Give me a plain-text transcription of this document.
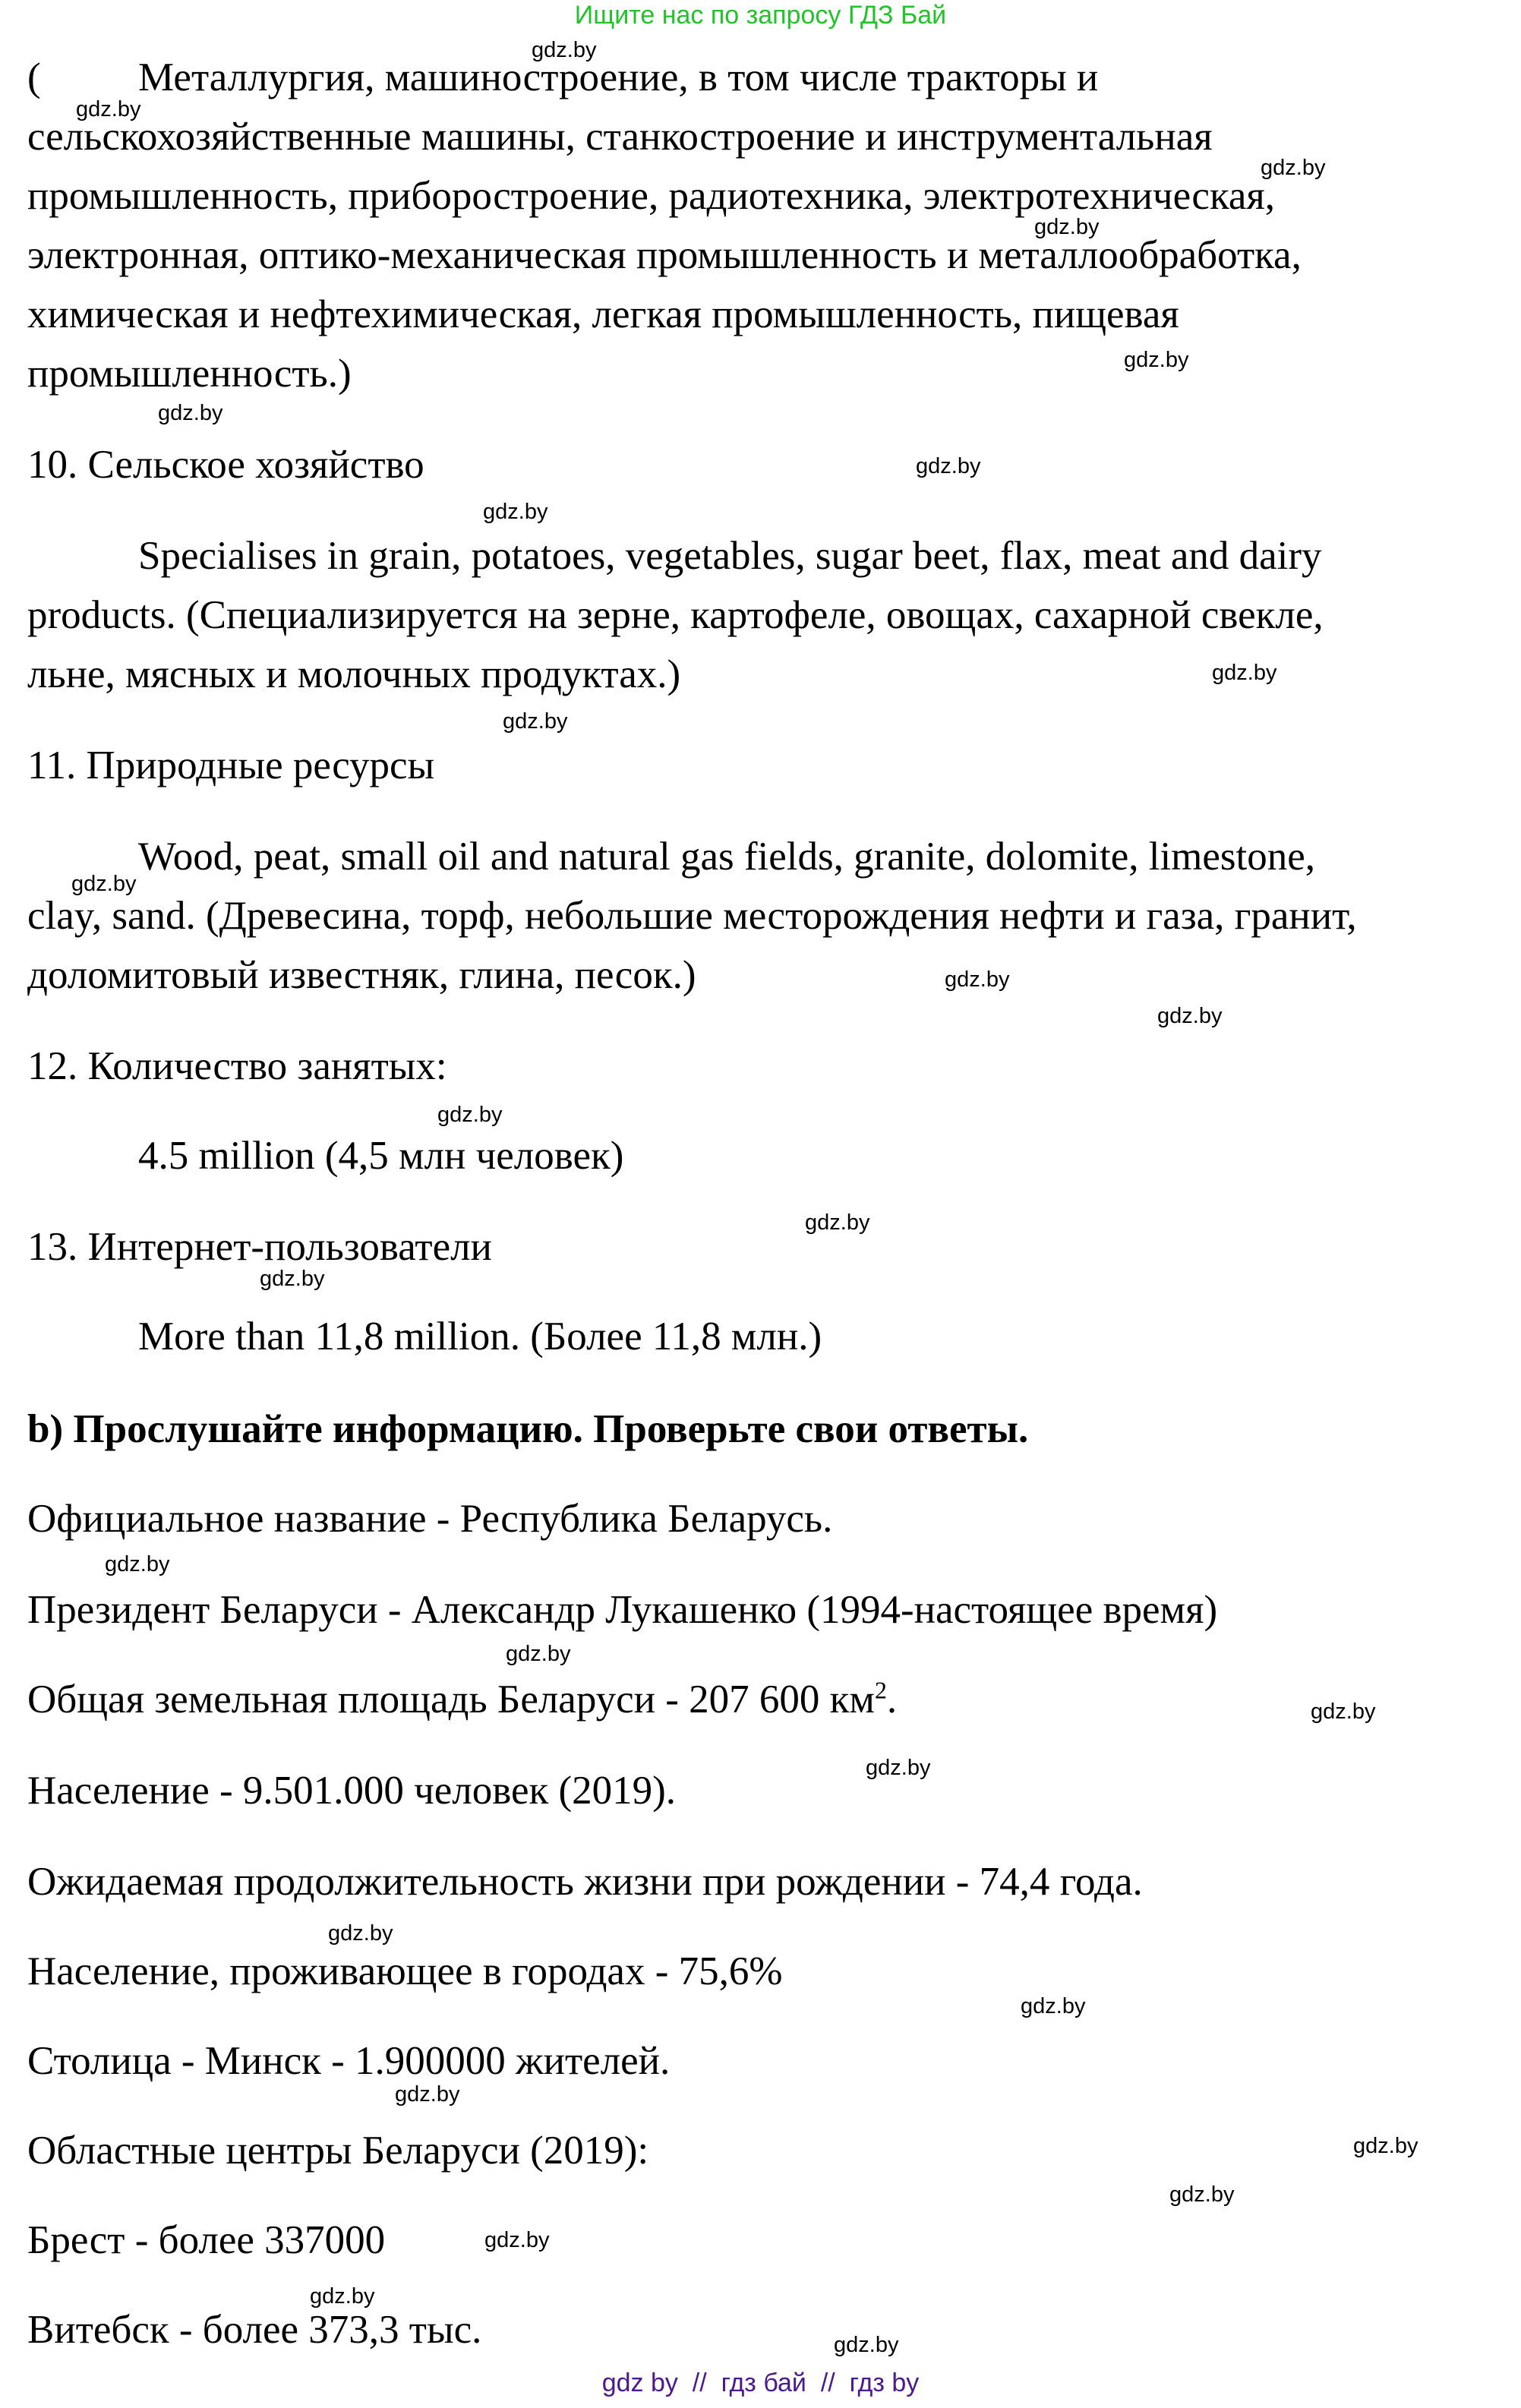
Ищите нас по запросу ГДЗ Бай
( Металлургия, машиностроение, в том числе тракторы и
сельскохозяйственные машины, станкостроение и инструментальная
промышленность, приборостроение, радиотехника, электротехническая,
электронная, оптико-механическая промышленность и металлообработка,
химическая и нефтехимическая, легкая промышленность, пищевая
промышленность.)
10. Сельское хозяйство
Specialises in grain, potatoes, vegetables, sugar beet, flax, meat and dairy
products. (Специализируется на зерне, картофеле, овощах, сахарной свекле,
льне, мясных и молочных продуктах.)
11. Природные ресурсы
Wood, peat, small oil and natural gas fields, granite, dolomite, limestone,
clay, sand. (Древесина, торф, небольшие месторождения нефти и газа, гранит,
доломитовый известняк, глина, песок.)
12. Количество занятых:
4.5 million (4,5 млн человек)
13. Интернет-пользователи
More than 11,8 million. (Более 11,8 млн.)
b) Прослушайте информацию. Проверьте свои ответы.
Официальное название - Республика Беларусь.
Президент Беларуси - Александр Лукашенко (1994-настоящее время)
Общая земельная площадь Беларуси - 207 600 $км^2$.
Население - 9.501.000 человек (2019).
Ожидаемая продолжительность жизни при рождении - 74,4 года.
Население, проживающее в городах - 75,6%
Столица - Минск - 1.900000 жителей.
Областные центры Беларуси (2019):
Брест - более 337000
Витебск - более 373,3 тыс.
gdz.by
gdz.by
gdz.by
gdz.by
gdz.by
gdz.by
gdz.by
gdz.by
gdz.by
gdz.by
gdz.by
gdz.by
gdz.by
gdz.by
gdz.by
gdz.by
gdz.by
gdz.by
gdz.by
gdz.by
gdz.by
gdz.by
gdz.by
gdz.by
gdz.by
gdz.by
gdz.by
gdz.by
gdz by  //  гдз бай  //  гдз by
